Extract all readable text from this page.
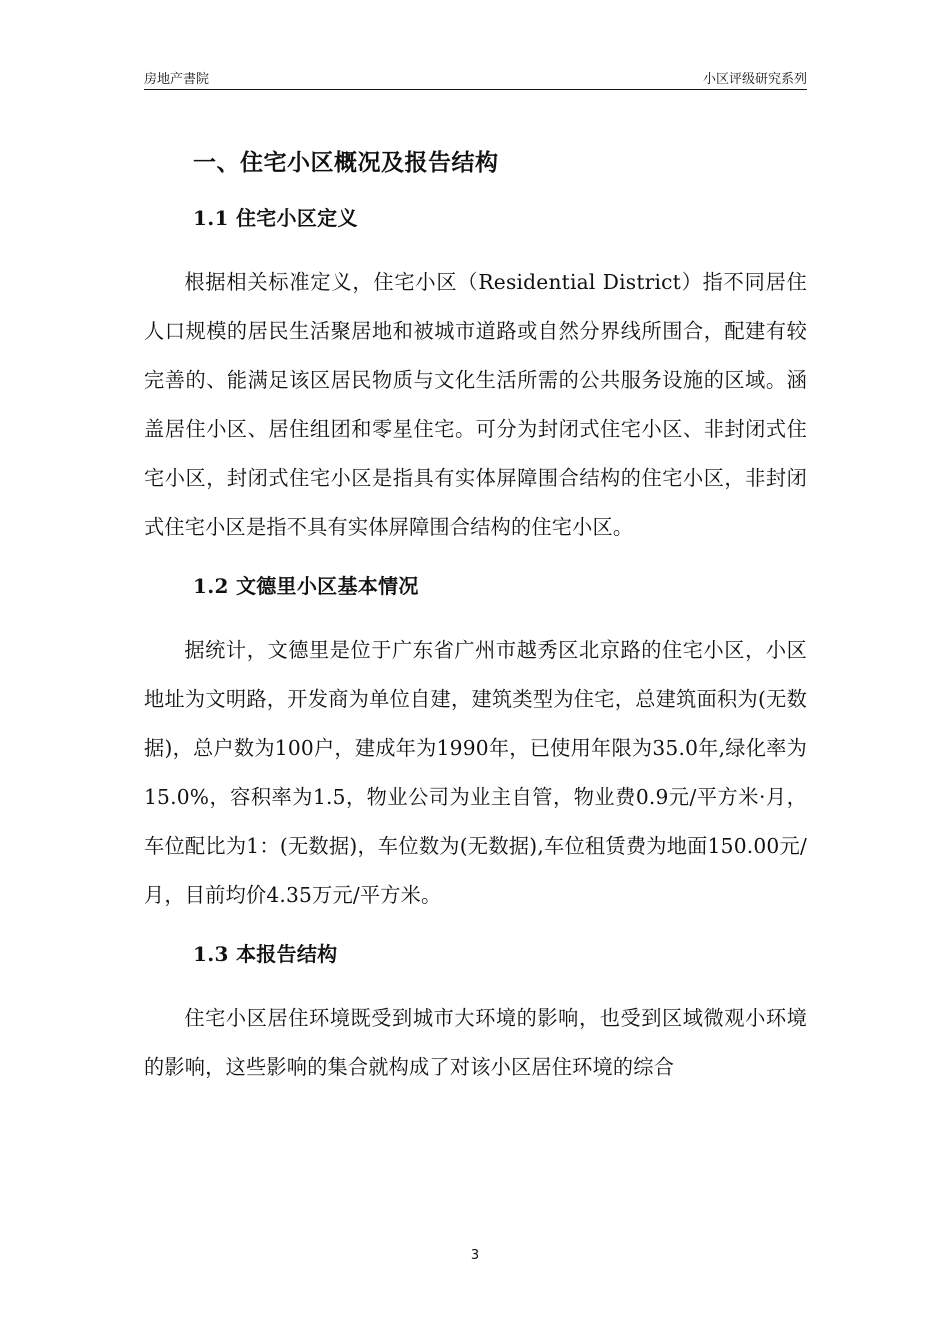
房地产書院	小区评级研究系列
一、住宅小区概况及报告结构
1.1 住宅小区定义

根据相关标准定义，住宅小区（Residential District）指不同居住人口规模的居民生活聚居地和被城市道路或自然分界线所围合，配建有较完善的、能满足该区居民物质与文化生活所需的公共服务设施的区域。涵盖居住小区、居住组团和零星住宅。可分为封闭式住宅小区、非封闭式住宅小区，封闭式住宅小区是指具有实体屏障围合结构的住宅小区，非封闭式住宅小区是指不具有实体屏障围合结构的住宅小区。

1.2 文德里小区基本情况

据统计，文德里是位于广东省广州市越秀区北京路的住宅小区，小区地址为文明路，开发商为单位自建，建筑类型为住宅，总建筑面积为(无数据)，总户数为100户，建成年为1990年，已使用年限为35.0年,绿化率为15.0%，容积率为1.5，物业公司为业主自管，物业费0.9元/平方米·月，车位配比为1：(无数据)，车位数为(无数据),车位租赁费为地面150.00元/月，目前均价4.35万元/平方米。

1.3 本报告结构

住宅小区居住环境既受到城市大环境的影响，也受到区域微观小环境的影响，这些影响的集合就构成了对该小区居住环境的综合

3
